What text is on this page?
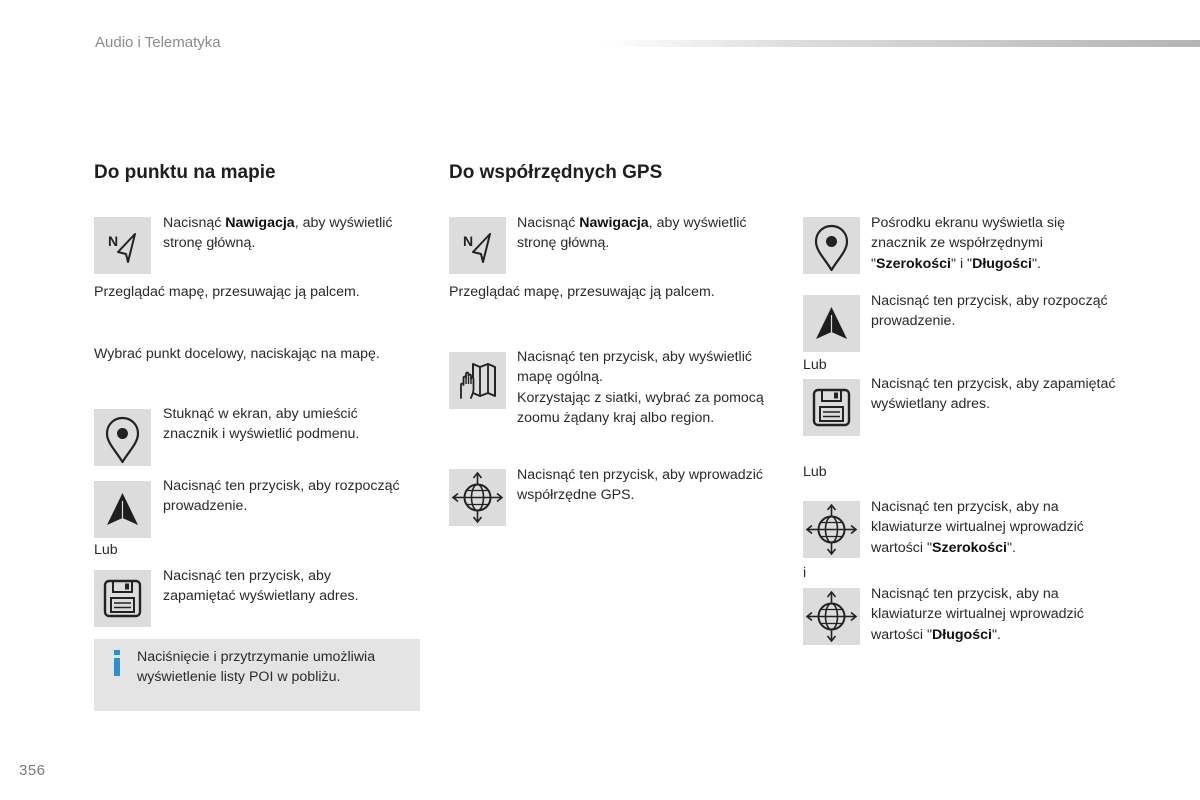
Audio i Telematyka
Do punktu na mapie
Nacisnąć Nawigacja, aby wyświetlić stronę główną.
Przeglądać mapę, przesuwając ją palcem.
Wybrać punkt docelowy, naciskając na mapę.
Stuknąć w ekran, aby umieścić znacznik i wyświetlić podmenu.
Nacisnąć ten przycisk, aby rozpocząć prowadzenie.
Lub
Nacisnąć ten przycisk, aby zapamiętać wyświetlany adres.
Naciśnięcie i przytrzymanie umożliwia wyświetlenie listy POI w pobliżu.
Do współrzędnych GPS
Nacisnąć Nawigacja, aby wyświetlić stronę główną.
Przeglądać mapę, przesuwając ją palcem.
Nacisnąć ten przycisk, aby wyświetlić mapę ogólną.
Korzystając z siatki, wybrać za pomocą zoomu żądany kraj albo region.
Nacisnąć ten przycisk, aby wprowadzić współrzędne GPS.
Pośrodku ekranu wyświetla się znacznik ze współrzędnymi "Szerokości" i "Długości".
Nacisnąć ten przycisk, aby rozpocząć prowadzenie.
Lub
Nacisnąć ten przycisk, aby zapamiętać wyświetlany adres.
Lub
Nacisnąć ten przycisk, aby na klawiaturze wirtualnej wprowadzić wartości "Szerokości".
i
Nacisnąć ten przycisk, aby na klawiaturze wirtualnej wprowadzić wartości "Długości".
356
